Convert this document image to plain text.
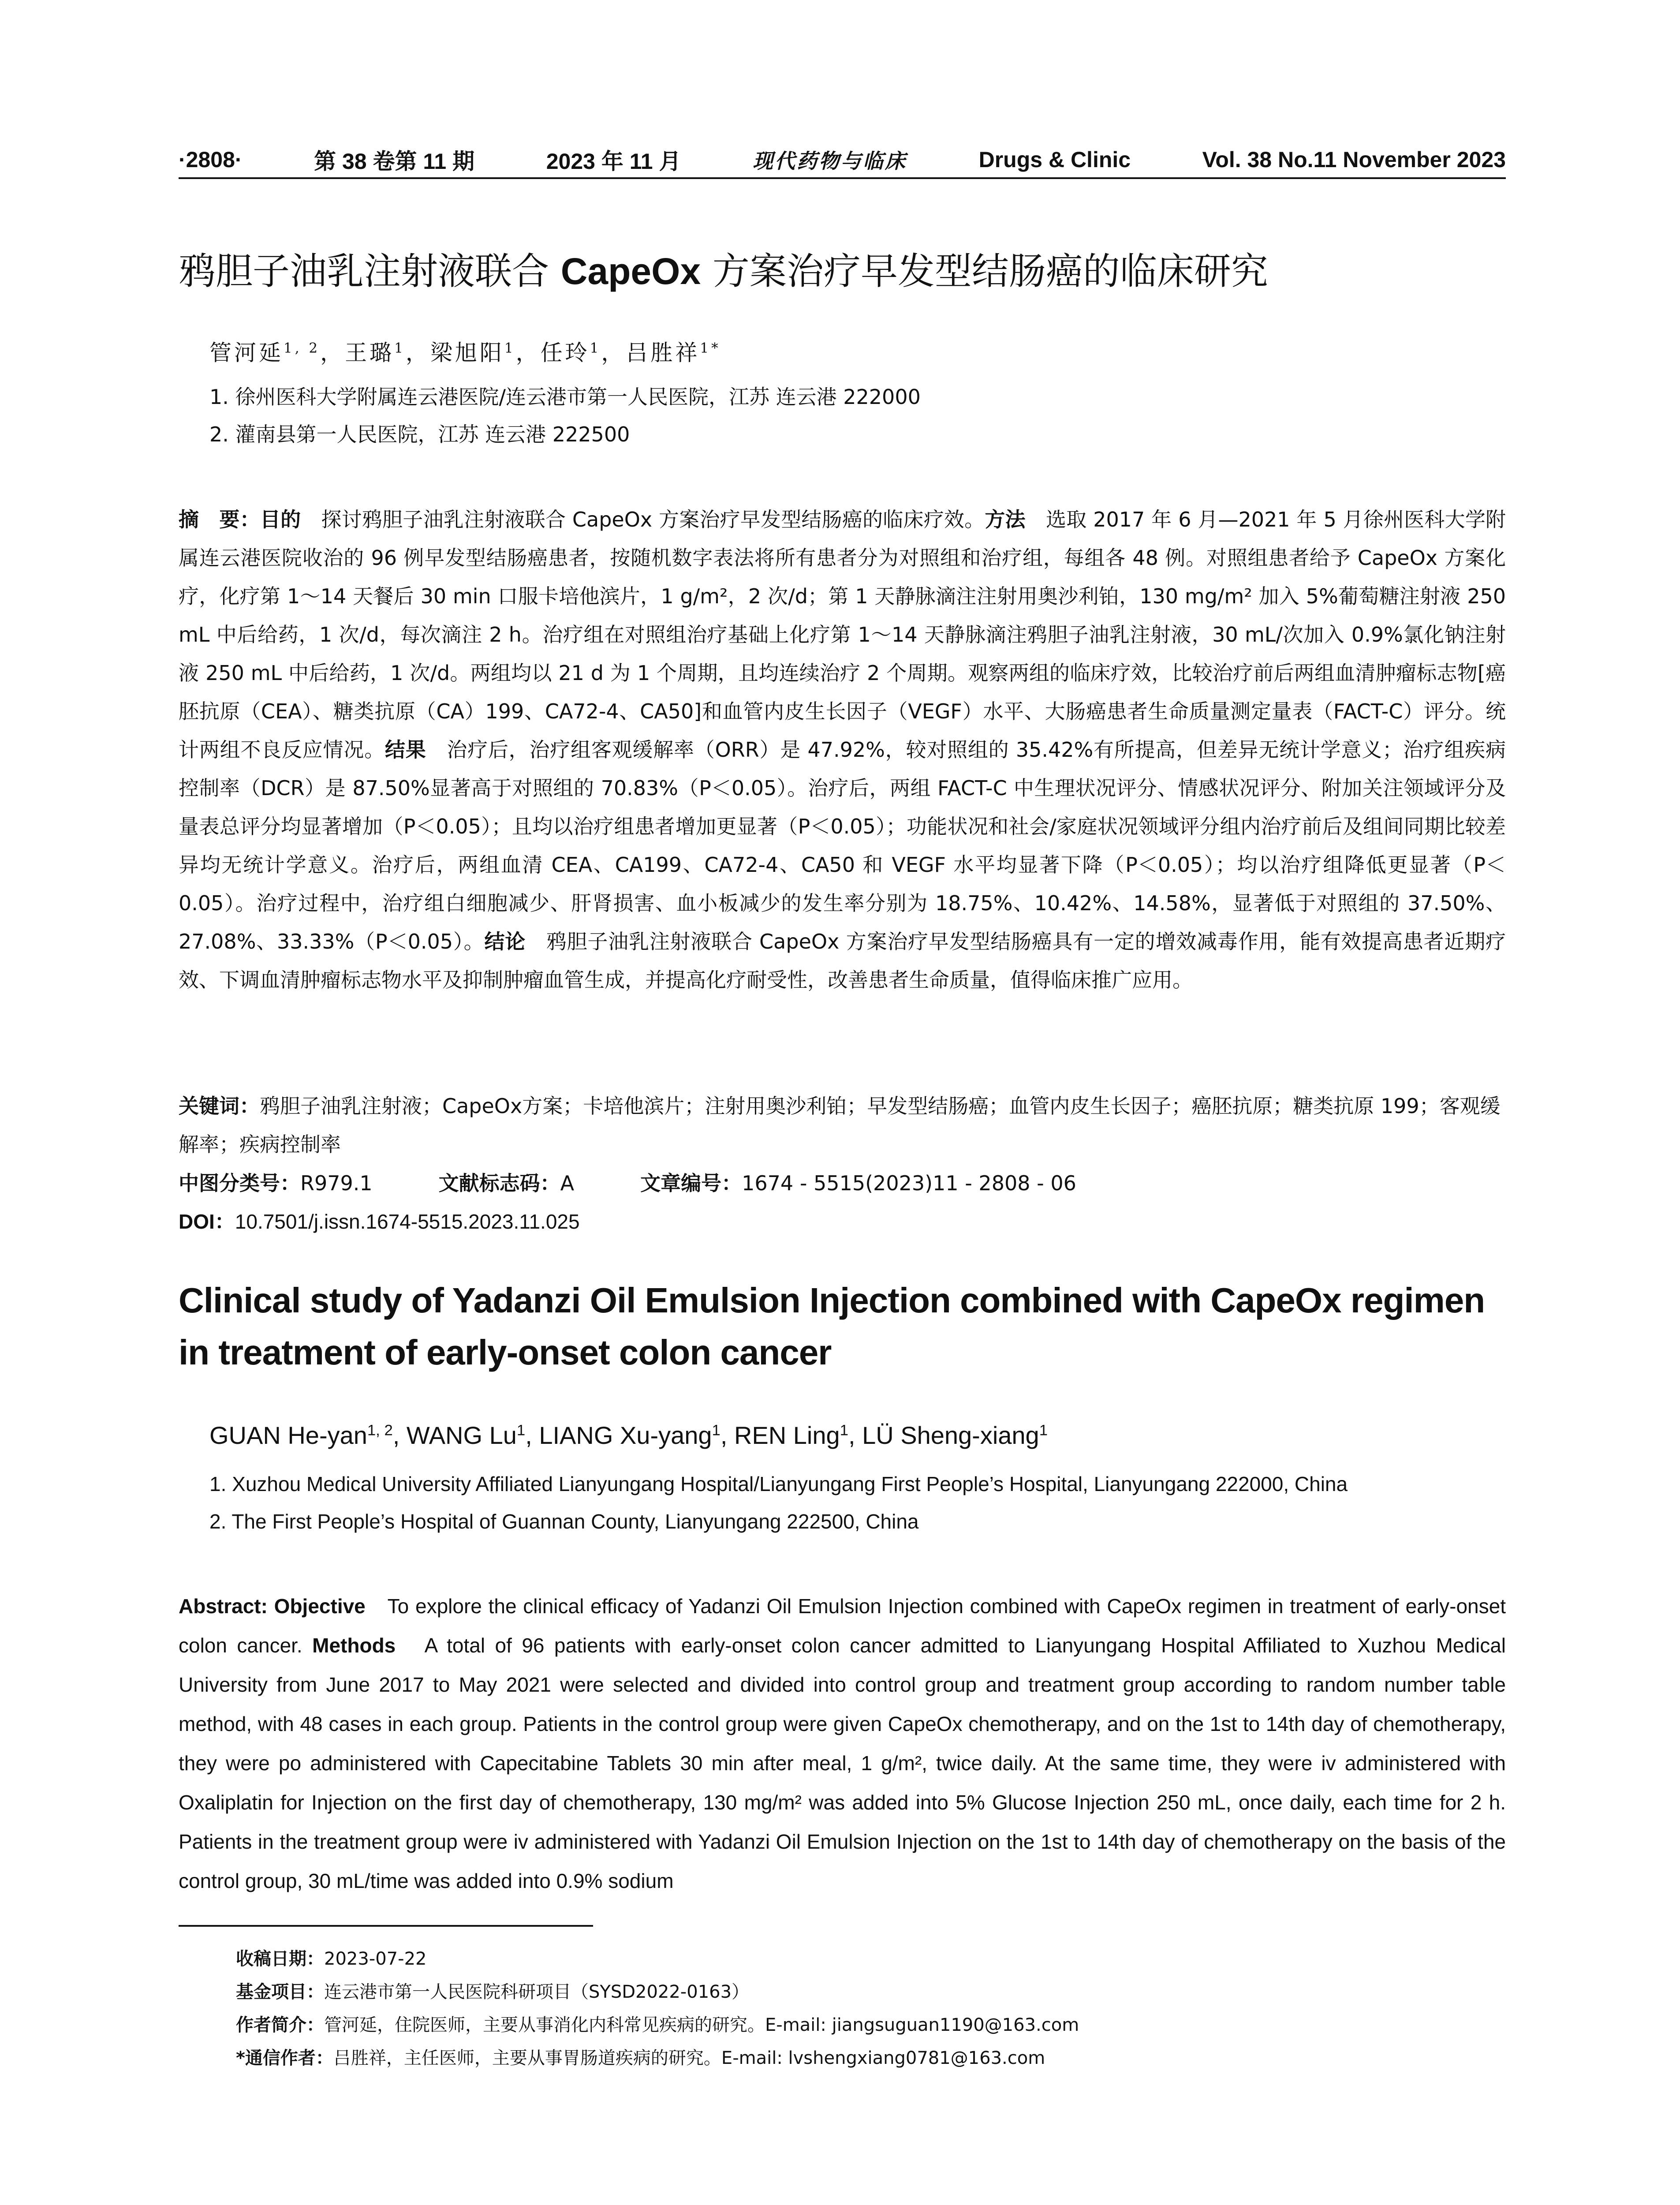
·2808·	第 38 卷第 11 期	2023 年 11 月	现代药物与临床	Drugs & Clinic	Vol. 38 No.11 November 2023
鸦胆子油乳注射液联合 CapeOx 方案治疗早发型结肠癌的临床研究
管河延$^{1, 2}$，王璐$^1$，梁旭阳$^1$，任玲$^1$，吕胜祥$^{1*}$
1. 徐州医科大学附属连云港医院/连云港市第一人民医院，江苏 连云港 222000
2. 灌南县第一人民医院，江苏 连云港 222500
摘　要：目的　探讨鸦胆子油乳注射液联合 CapeOx 方案治疗早发型结肠癌的临床疗效。方法　选取 2017 年 6 月—2021 年 5 月徐州医科大学附属连云港医院收治的 96 例早发型结肠癌患者，按随机数字表法将所有患者分为对照组和治疗组，每组各 48 例。对照组患者给予 CapeOx 方案化疗，化疗第 1～14 天餐后 30 min 口服卡培他滨片，1 g/m²，2 次/d；第 1 天静脉滴注注射用奥沙利铂，130 mg/m² 加入 5%葡萄糖注射液 250 mL 中后给药，1 次/d，每次滴注 2 h。治疗组在对照组治疗基础上化疗第 1～14 天静脉滴注鸦胆子油乳注射液，30 mL/次加入 0.9%氯化钠注射液 250 mL 中后给药，1 次/d。两组均以 21 d 为 1 个周期，且均连续治疗 2 个周期。观察两组的临床疗效，比较治疗前后两组血清肿瘤标志物[癌胚抗原（CEA）、糖类抗原（CA）199、CA72-4、CA50]和血管内皮生长因子（VEGF）水平、大肠癌患者生命质量测定量表（FACT-C）评分。统计两组不良反应情况。结果　治疗后，治疗组客观缓解率（ORR）是 47.92%，较对照组的 35.42%有所提高，但差异无统计学意义；治疗组疾病控制率（DCR）是 87.50%显著高于对照组的 70.83%（P＜0.05）。治疗后，两组 FACT-C 中生理状况评分、情感状况评分、附加关注领域评分及量表总评分均显著增加（P＜0.05）；且均以治疗组患者增加更显著（P＜0.05）；功能状况和社会/家庭状况领域评分组内治疗前后及组间同期比较差异均无统计学意义。治疗后，两组血清 CEA、CA199、CA72-4、CA50 和 VEGF 水平均显著下降（P＜0.05）；均以治疗组降低更显著（P＜0.05）。治疗过程中，治疗组白细胞减少、肝肾损害、血小板减少的发生率分别为 18.75%、10.42%、14.58%，显著低于对照组的 37.50%、27.08%、33.33%（P＜0.05）。结论　鸦胆子油乳注射液联合 CapeOx 方案治疗早发型结肠癌具有一定的增效减毒作用，能有效提高患者近期疗效、下调血清肿瘤标志物水平及抑制肿瘤血管生成，并提高化疗耐受性，改善患者生命质量，值得临床推广应用。
关键词：鸦胆子油乳注射液；CapeOx方案；卡培他滨片；注射用奥沙利铂；早发型结肠癌；血管内皮生长因子；癌胚抗原；糖类抗原 199；客观缓解率；疾病控制率
中图分类号：R979.1	文献标志码：A	文章编号：1674 - 5515(2023)11 - 2808 - 06
DOI：10.7501/j.issn.1674-5515.2023.11.025
Clinical study of Yadanzi Oil Emulsion Injection combined with CapeOx regimen in treatment of early-onset colon cancer
GUAN He-yan$^{1, 2}$, WANG Lu$^1$, LIANG Xu-yang$^1$, REN Ling$^1$, LÜ Sheng-xiang$^1$
1. Xuzhou Medical University Affiliated Lianyungang Hospital/Lianyungang First People’s Hospital, Lianyungang 222000, China
2. The First People’s Hospital of Guannan County, Lianyungang 222500, China
Abstract: Objective　To explore the clinical efficacy of Yadanzi Oil Emulsion Injection combined with CapeOx regimen in treatment of early-onset colon cancer. Methods　A total of 96 patients with early-onset colon cancer admitted to Lianyungang Hospital Affiliated to Xuzhou Medical University from June 2017 to May 2021 were selected and divided into control group and treatment group according to random number table method, with 48 cases in each group. Patients in the control group were given CapeOx chemotherapy, and on the 1st to 14th day of chemotherapy, they were po administered with Capecitabine Tablets 30 min after meal, 1 g/m², twice daily. At the same time, they were iv administered with Oxaliplatin for Injection on the first day of chemotherapy, 130 mg/m² was added into 5% Glucose Injection 250 mL, once daily, each time for 2 h. Patients in the treatment group were iv administered with Yadanzi Oil Emulsion Injection on the 1st to 14th day of chemotherapy on the basis of the control group, 30 mL/time was added into 0.9% sodium
收稿日期：2023-07-22
基金项目：连云港市第一人民医院科研项目（SYSD2022-0163）
作者简介：管河延，住院医师，主要从事消化内科常见疾病的研究。E-mail: jiangsuguan1190@163.com
*通信作者：吕胜祥，主任医师，主要从事胃肠道疾病的研究。E-mail: lvshengxiang0781@163.com
